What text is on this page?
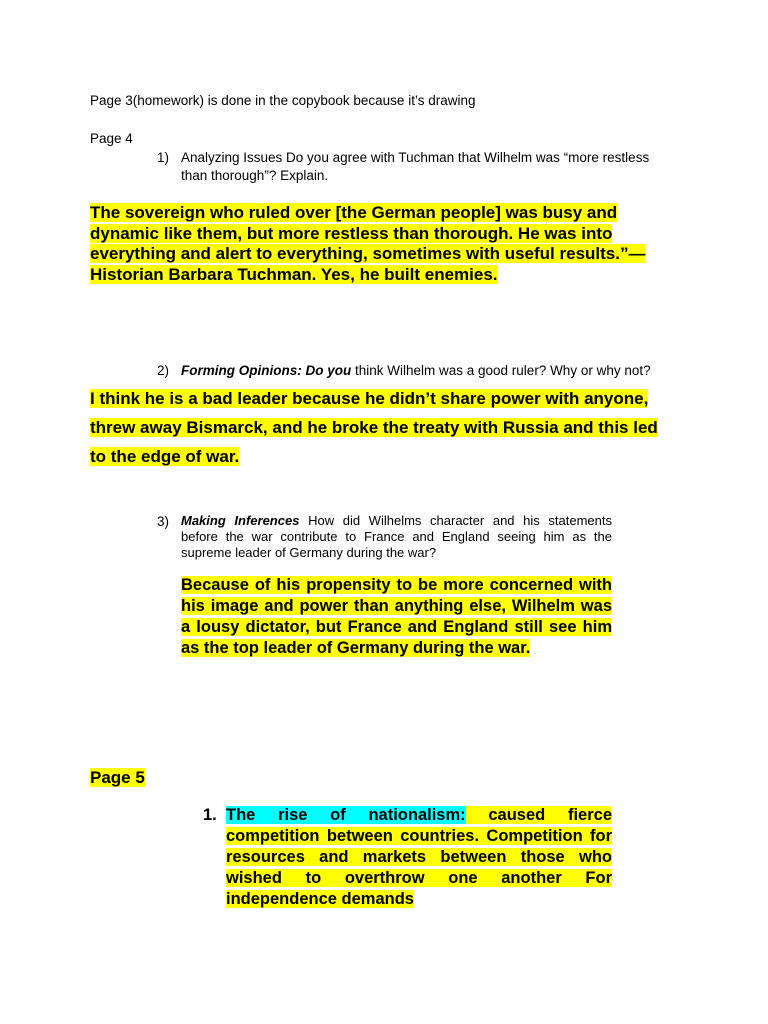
Page 3(homework) is done in the copybook because it’s drawing
Page 4
1) Analyzing Issues Do you agree with Tuchman that Wilhelm was “more restless than thorough”? Explain.
The sovereign who ruled over [the German people] was busy and dynamic like them, but more restless than thorough. He was into everything and alert to everything, sometimes with useful results.”—Historian Barbara Tuchman. Yes, he built enemies.
2) Forming Opinions: Do you think Wilhelm was a good ruler? Why or why not?
I think he is a bad leader because he didn’t share power with anyone, threw away Bismarck, and he broke the treaty with Russia and this led to the edge of war.
3) Making Inferences How did Wilhelms character and his statements before the war contribute to France and England seeing him as the supreme leader of Germany during the war?
Because of his propensity to be more concerned with his image and power than anything else, Wilhelm was a lousy dictator, but France and England still see him as the top leader of Germany during the war.
Page 5
1. The rise of nationalism: caused fierce competition between countries. Competition for resources and markets between those who wished to overthrow one another For independence demands
